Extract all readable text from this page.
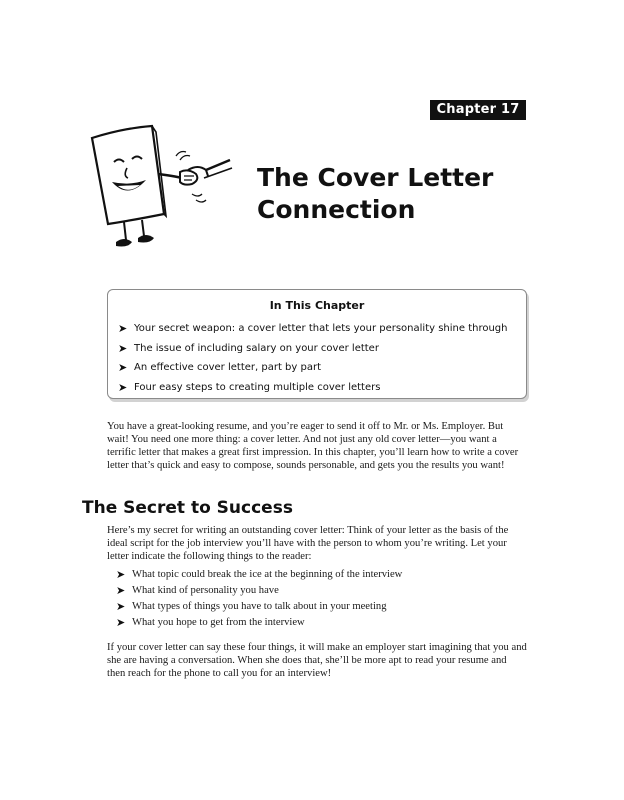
Chapter 17
The Cover Letter
Connection
In This Chapter
➤ Your secret weapon: a cover letter that lets your personality shine through
➤ The issue of including salary on your cover letter
➤ An effective cover letter, part by part
➤ Four easy steps to creating multiple cover letters

You have a great-looking resume, and you’re eager to send it off to Mr. or Ms. Employer. But wait! You need one more thing: a cover letter. And not just any old cover letter—you want a terrific letter that makes a great first impression. In this chapter, you’ll learn how to write a cover letter that’s quick and easy to compose, sounds personable, and gets you the results you want!

The Secret to Success

Here’s my secret for writing an outstanding cover letter: Think of your letter as the basis of the ideal script for the job interview you’ll have with the person to whom you’re writing. Let your letter indicate the following things to the reader:

➤ What topic could break the ice at the beginning of the interview
➤ What kind of personality you have
➤ What types of things you have to talk about in your meeting
➤ What you hope to get from the interview

If your cover letter can say these four things, it will make an employer start imagining that you and she are having a conversation. When she does that, she’ll be more apt to read your resume and then reach for the phone to call you for an interview!
